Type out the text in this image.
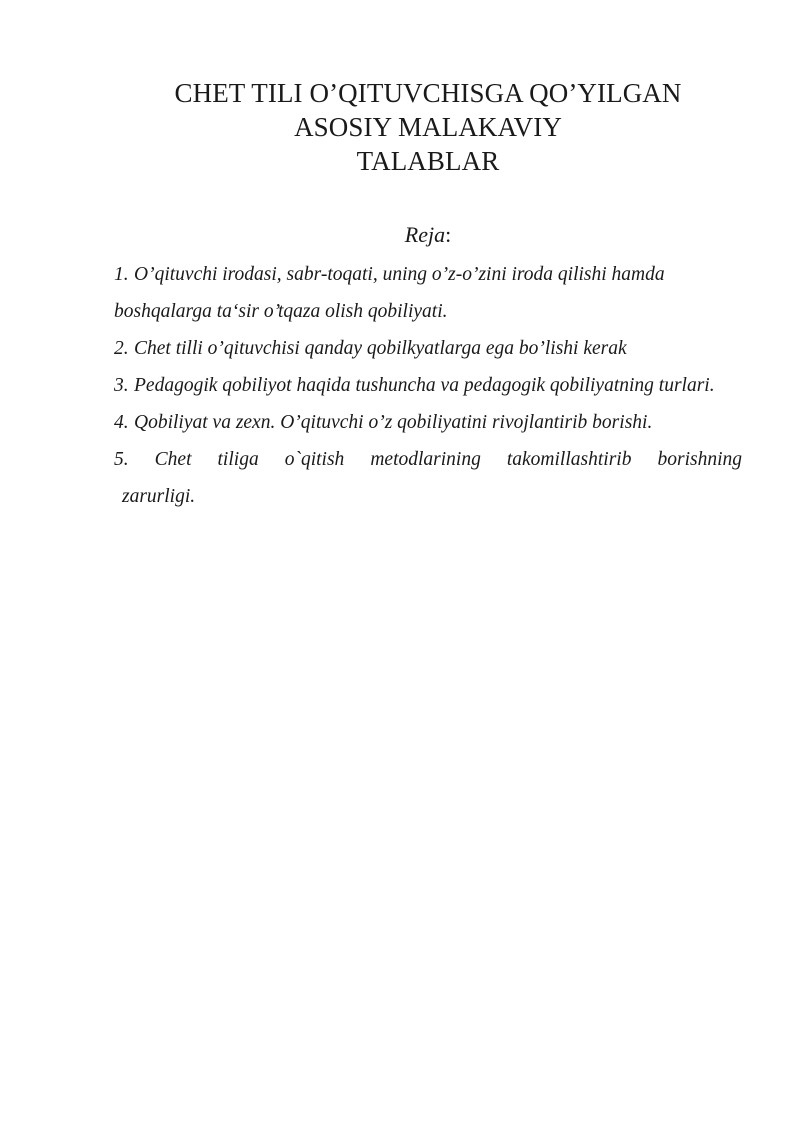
CHET TILI O’QITUVCHISGA QO’YILGAN
ASOSIY MALAKAVIY
TALABLAR

Reja:

1. O’qituvchi irodasi, sabr-toqati, uning o’z-o’zini iroda qilishi hamda boshqalarga ta‘sir o’tqaza olish qobiliyati.
2. Chet tilli o’qituvchisi qanday qobilkyatlarga ega bo’lishi kerak
3. Pedagogik qobiliyot haqida tushuncha va pedagogik qobiliyatning turlari.
4. Qobiliyat va zexn. O’qituvchi o’z qobiliyatini rivojlantirib borishi.
5. Chet tiliga o`qitish metodlarining takomillashtirib borishning
zarurligi.
